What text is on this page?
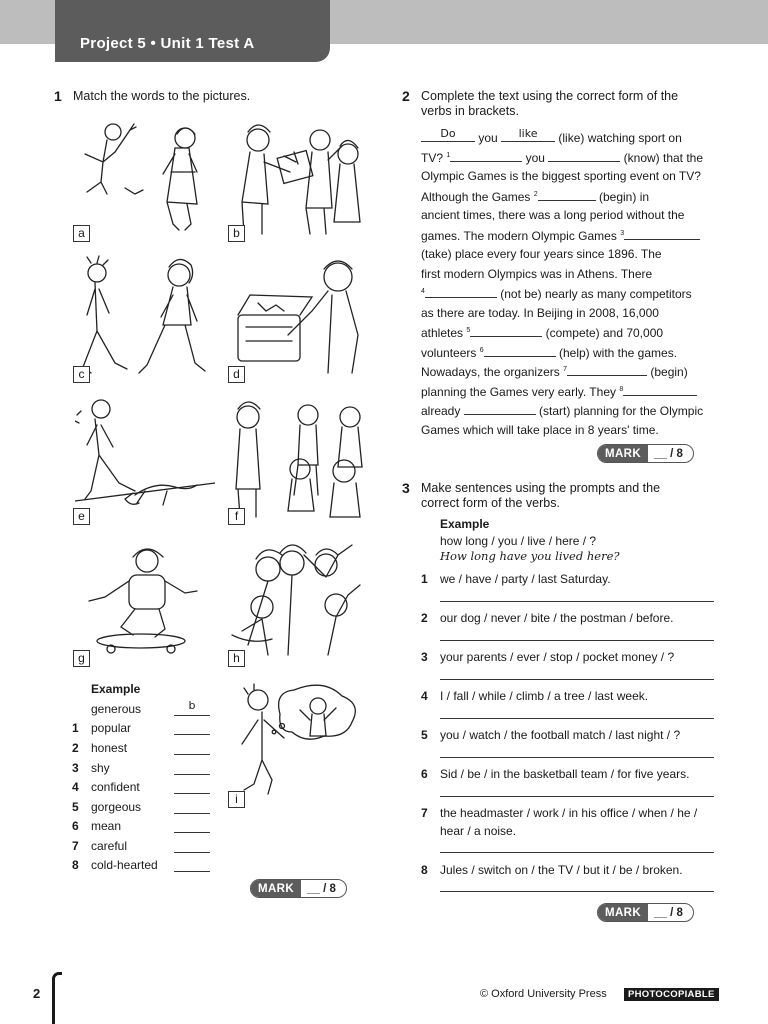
Project 5 • Unit 1 Test A
1 Match the words to the pictures.
a	b
c	d
e	f
g	h
i
Example
generous	b
1 popular
2 honest
3 shy
4 confident
5 gorgeous
6 mean
7 careful
8 cold-hearted
MARK	__ / 8
2 Complete the text using the correct form of the
verbs in brackets.
Do	you	like	(like) watching sport on
TV? $^1$	you	(know) that the
Olympic Games is the biggest sporting event on TV?
Although the Games $^2$	(begin) in
ancient times, there was a long period without the
games. The modern Olympic Games $^3$
(take) place every four years since 1896. The
first modern Olympics was in Athens. There
$^4$	(not be) nearly as many competitors
as there are today. In Beijing in 2008, 16,000
athletes $^5$	(compete) and 70,000
volunteers $^6$	(help) with the games.
Nowadays, the organizers $^7$	(begin)
planning the Games very early. They $^8$
already	(start) planning for the Olympic
Games which will take place in 8 years' time.
MARK	__ / 8
3 Make sentences using the prompts and the
correct form of the verbs.
Example
how long / you / live / here / ?
How long have you lived here?
1 we / have / party / last Saturday.
2 our dog / never / bite / the postman / before.
3 your parents / ever / stop / pocket money / ?
4 I / fall / while / climb / a tree / last week.
5 you / watch / the football match / last night / ?
6 Sid / be / in the basketball team / for five years.
7 the headmaster / work / in his office / when / he /
hear / a noise.
8 Jules / switch on / the TV / but it / be / broken.
MARK	__ / 8
2	© Oxford University Press	PHOTOCOPIABLE
